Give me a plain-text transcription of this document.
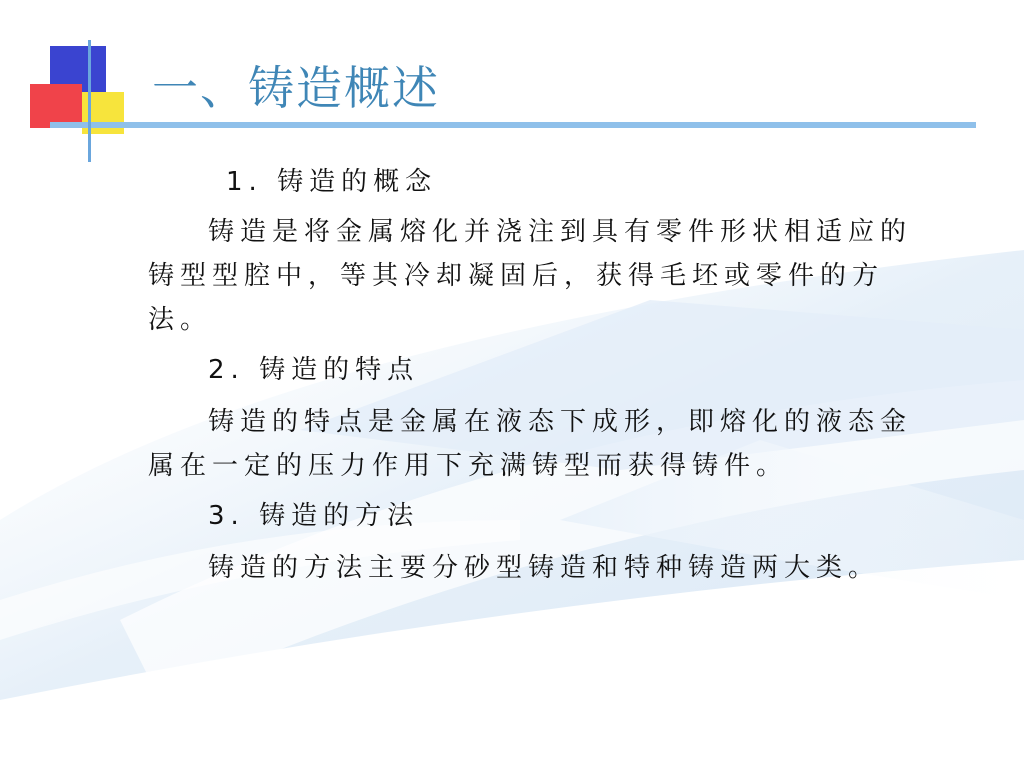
一、铸造概述

1. 铸造的概念

铸造是将金属熔化并浇注到具有零件形状相适应的铸型型腔中，等其冷却凝固后，获得毛坯或零件的方法。

2. 铸造的特点

铸造的特点是金属在液态下成形，即熔化的液态金属在一定的压力作用下充满铸型而获得铸件。

3. 铸造的方法

铸造的方法主要分砂型铸造和特种铸造两大类。
